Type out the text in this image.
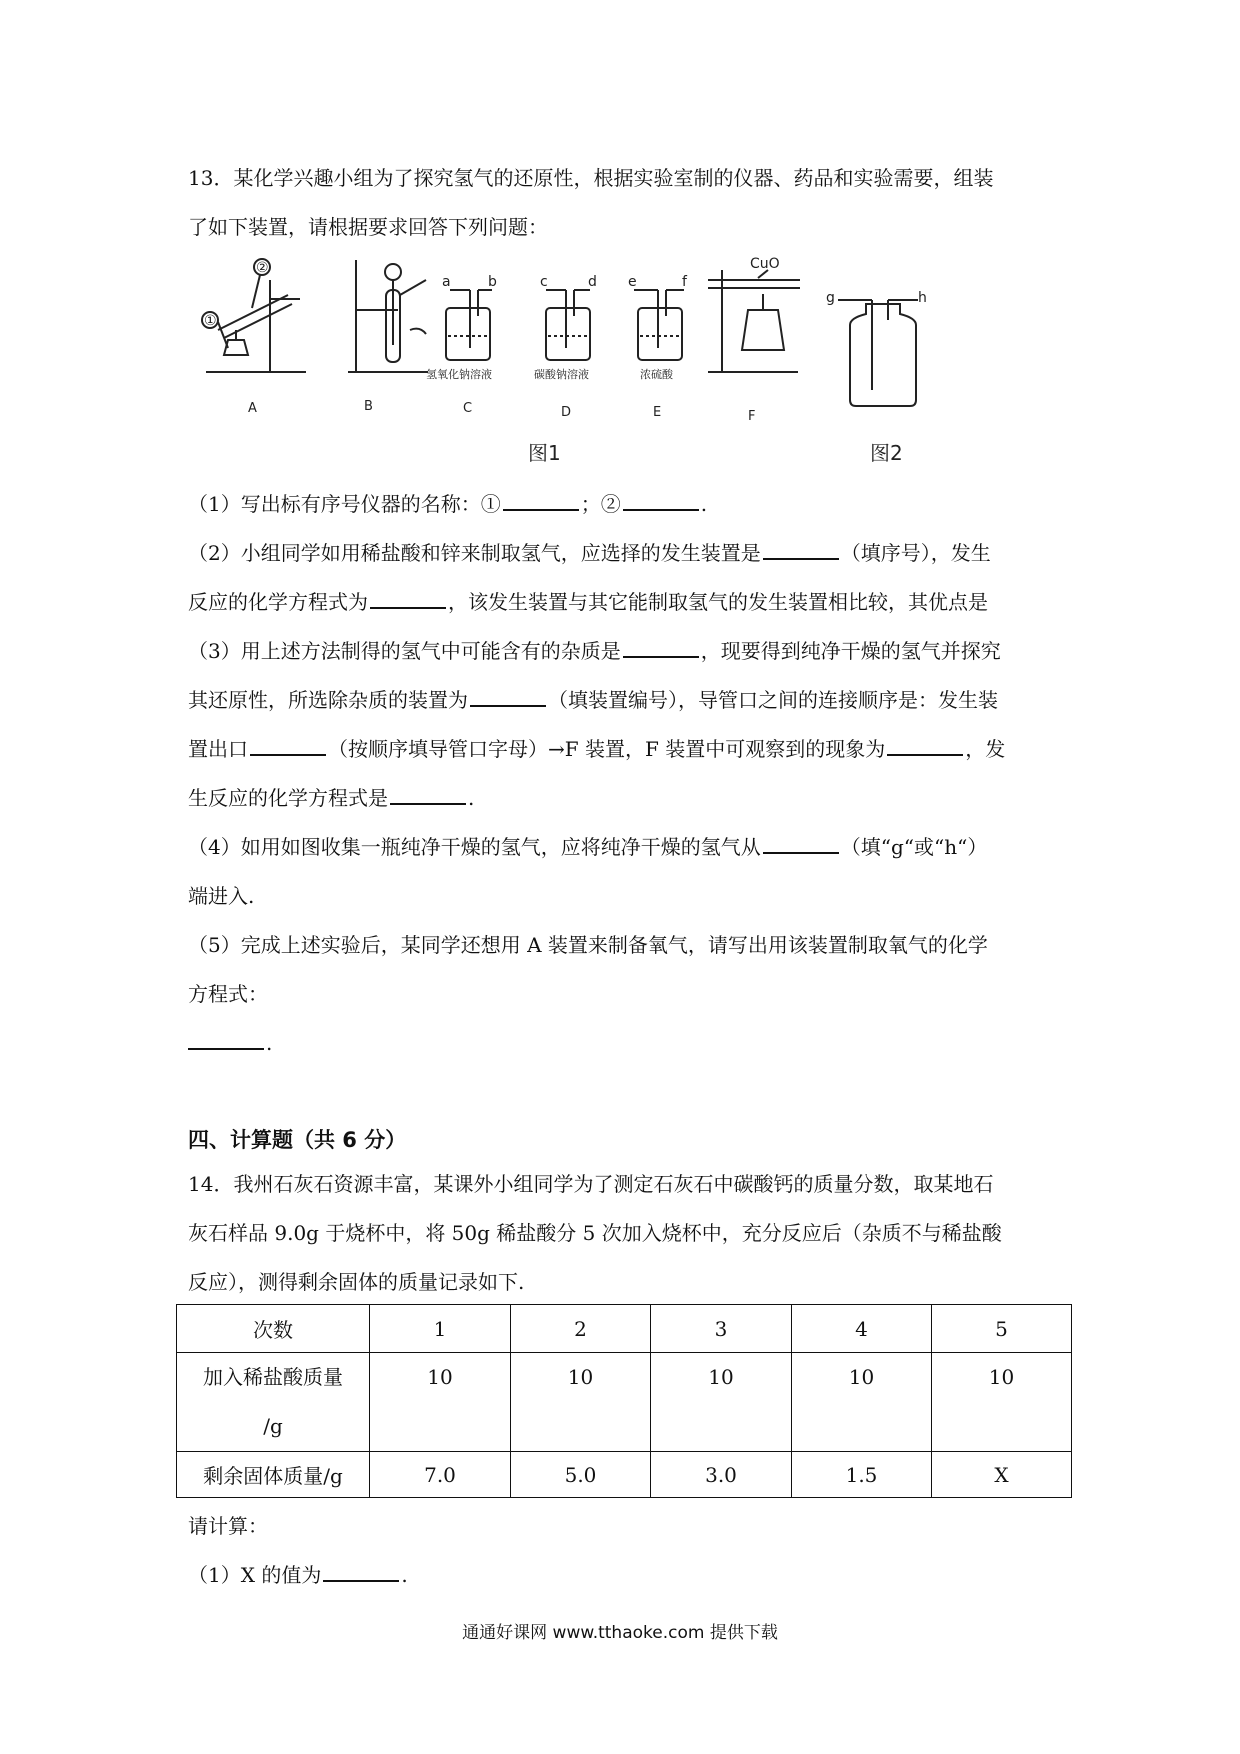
13．某化学兴趣小组为了探究氢气的还原性，根据实验室制的仪器、药品和实验需要，组装
了如下装置，请根据要求回答下列问题：
①
②
a	b	c	d e	f
g	h
CuO
氢氧化钠溶液	碳酸钠溶液	浓硫酸
A	B	C	D	E	F
图1	图2
（1）写出标有序号仪器的名称：①	；②	.
（2）小组同学如用稀盐酸和锌来制取氢气，应选择的发生装置是	（填序号），发生
反应的化学方程式为	，该发生装置与其它能制取氢气的发生装置相比较，其优点是
（3）用上述方法制得的氢气中可能含有的杂质是	，现要得到纯净干燥的氢气并探究
其还原性，所选除杂质的装置为	（填装置编号），导管口之间的连接顺序是：发生装
置出口	（按顺序填导管口字母）→F 装置，F 装置中可观察到的现象为	，发
生反应的化学方程式是	.
（4）如用如图收集一瓶纯净干燥的氢气，应将纯净干燥的氢气从	（填“g“或“h“）
端进入.
（5）完成上述实验后，某同学还想用 A 装置来制备氧气，请写出用该装置制取氧气的化学
方程式：
.
四、计算题（共 6 分）
14．我州石灰石资源丰富，某课外小组同学为了测定石灰石中碳酸钙的质量分数，取某地石
灰石样品 9.0g 于烧杯中，将 50g 稀盐酸分 5 次加入烧杯中，充分反应后（杂质不与稀盐酸
反应），测得剩余固体的质量记录如下.
次数	1	2	3	4	5

加入稀盐酸质量
/g	10	10	10	10	10
剩余固体质量/g	7.0	5.0	3.0	1.5	X
请计算：
（1）X 的值为	.
通通好课网 www.tthaoke.com 提供下载
